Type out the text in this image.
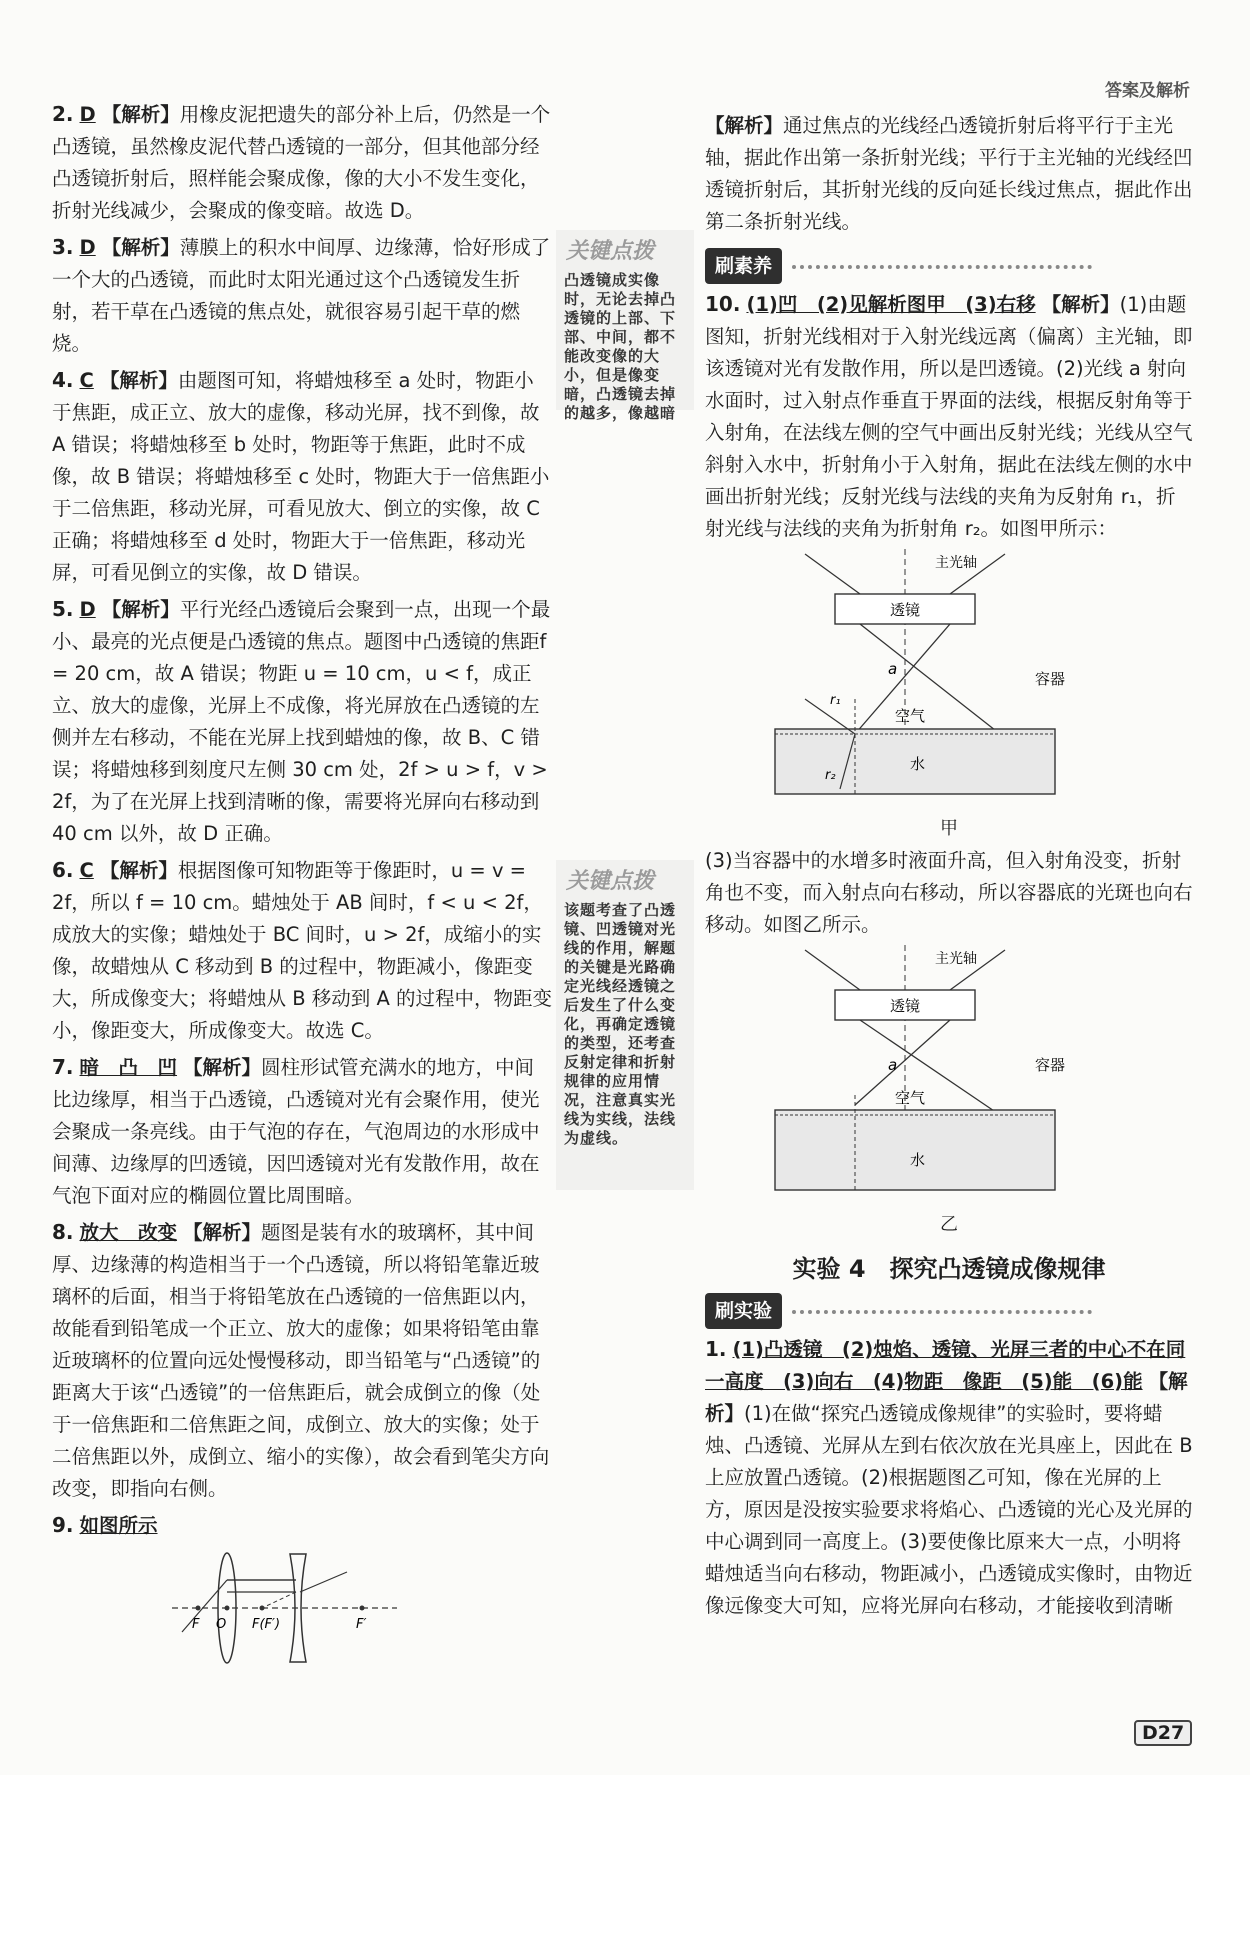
答案及解析

2. D 【解析】用橡皮泥把遗失的部分补上后，仍然是一个凸透镜，虽然橡皮泥代替凸透镜的一部分，但其他部分经凸透镜折射后，照样能会聚成像，像的大小不发生变化，折射光线减少，会聚成的像变暗。故选 D。

3. D 【解析】薄膜上的积水中间厚、边缘薄，恰好形成了一个大的凸透镜，而此时太阳光通过这个凸透镜发生折射，若干草在凸透镜的焦点处，就很容易引起干草的燃烧。

4. C 【解析】由题图可知，将蜡烛移至 a 处时，物距小于焦距，成正立、放大的虚像，移动光屏，找不到像，故 A 错误；将蜡烛移至 b 处时，物距等于焦距，此时不成像，故 B 错误；将蜡烛移至 c 处时，物距大于一倍焦距小于二倍焦距，移动光屏，可看见放大、倒立的实像，故 C 正确；将蜡烛移至 d 处时，物距大于一倍焦距，移动光屏，可看见倒立的实像，故 D 错误。

5. D 【解析】平行光经凸透镜后会聚到一点，出现一个最小、最亮的光点便是凸透镜的焦点。题图中凸透镜的焦距f = 20 cm，故 A 错误；物距 u = 10 cm，u < f，成正立、放大的虚像，光屏上不成像，将光屏放在凸透镜的左侧并左右移动，不能在光屏上找到蜡烛的像，故 B、C 错误；将蜡烛移到刻度尺左侧 30 cm 处，2f > u > f，v > 2f，为了在光屏上找到清晰的像，需要将光屏向右移动到 40 cm 以外，故 D 正确。

6. C 【解析】根据图像可知物距等于像距时，u = v = 2f，所以 f = 10 cm。蜡烛处于 AB 间时，f < u < 2f，成放大的实像；蜡烛处于 BC 间时，u > 2f，成缩小的实像，故蜡烛从 C 移动到 B 的过程中，物距减小，像距变大，所成像变大；将蜡烛从 B 移动到 A 的过程中，物距变小，像距变大，所成像变大。故选 C。

7. 暗　凸　凹 【解析】圆柱形试管充满水的地方，中间比边缘厚，相当于凸透镜，凸透镜对光有会聚作用，使光会聚成一条亮线。由于气泡的存在，气泡周边的水形成中间薄、边缘厚的凹透镜，因凹透镜对光有发散作用，故在气泡下面对应的椭圆位置比周围暗。

8. 放大　改变 【解析】题图是装有水的玻璃杯，其中间厚、边缘薄的构造相当于一个凸透镜，所以将铅笔靠近玻璃杯的后面，相当于将铅笔放在凸透镜的一倍焦距以内，故能看到铅笔成一个正立、放大的虚像；如果将铅笔由靠近玻璃杯的位置向远处慢慢移动，即当铅笔与“凸透镜”的距离大于该“凸透镜”的一倍焦距后，就会成倒立的像（处于一倍焦距和二倍焦距之间，成倒立、放大的实像；处于二倍焦距以外，成倒立、缩小的实像），故会看到笔尖方向改变，即指向右侧。

9. 如图所示

F O F(F′)	F′
关键点拨
凸透镜成实像时，无论去掉凸透镜的上部、下部、中间，都不能改变像的大小，但是像变暗，凸透镜去掉的越多，像越暗
关键点拨
该题考查了凸透镜、凹透镜对光线的作用，解题的关键是光路确定光线经透镜之后发生了什么变化，再确定透镜的类型，还考查反射定律和折射规律的应用情况，注意真实光线为实线，法线为虚线。

【解析】通过焦点的光线经凸透镜折射后将平行于主光轴，据此作出第一条折射光线；平行于主光轴的光线经凹透镜折射后，其折射光线的反向延长线过焦点，据此作出第二条折射光线。

刷素养

10. (1)凹　(2)见解析图甲　(3)右移 【解析】(1)由题图知，折射光线相对于入射光线远离（偏离）主光轴，即该透镜对光有发散作用，所以是凹透镜。(2)光线 a 射向水面时，过入射点作垂直于界面的法线，根据反射角等于入射角，在法线左侧的空气中画出反射光线；光线从空气斜射入水中，折射角小于入射角，据此在法线左侧的水中画出折射光线；反射光线与法线的夹角为反射角 r₁，折射光线与法线的夹角为折射角 r₂。如图甲所示：

透镜
主光轴
a
r₁
r₂
空气
水
容器
甲

(3)当容器中的水增多时液面升高，但入射角没变，折射角也不变，而入射点向右移动，所以容器底的光斑也向右移动。如图乙所示。

透镜
主光轴
a
空气
水
容器
乙

实验 4　探究凸透镜成像规律

刷实验

1. (1)凸透镜　(2)烛焰、透镜、光屏三者的中心不在同一高度　(3)向右　(4)物距　像距　(5)能　(6)能 【解析】(1)在做“探究凸透镜成像规律”的实验时，要将蜡烛、凸透镜、光屏从左到右依次放在光具座上，因此在 B 上应放置凸透镜。(2)根据题图乙可知，像在光屏的上方，原因是没按实验要求将焰心、凸透镜的光心及光屏的中心调到同一高度上。(3)要使像比原来大一点，小明将蜡烛适当向右移动，物距减小，凸透镜成实像时，由物近像远像变大可知，应将光屏向右移动，才能接收到清晰

D27
